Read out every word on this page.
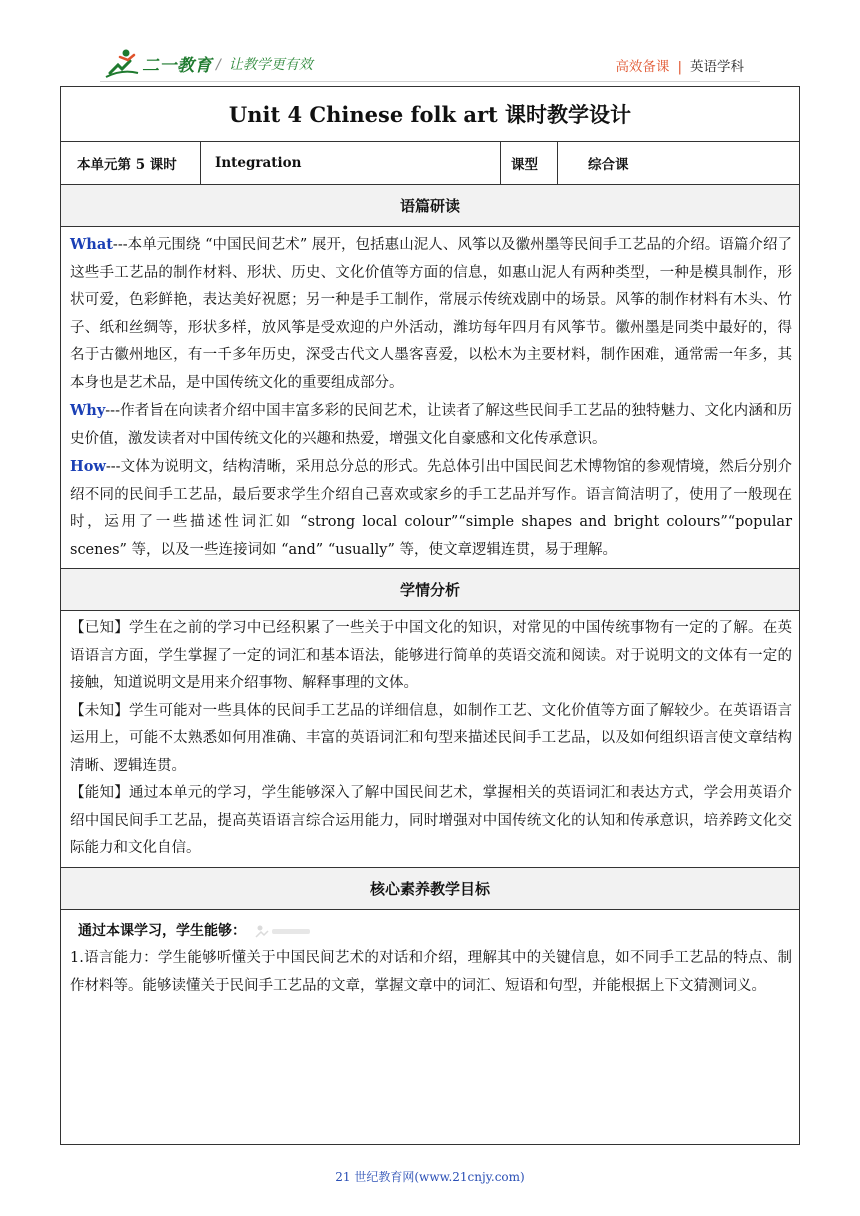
二一教育 / 让教学更有效	高效备课 | 英语学科
Unit 4 Chinese folk art 课时教学设计
本单元第 5 课时	Integration	课型	综合课
语篇研读

What---本单元围绕 “中国民间艺术” 展开，包括惠山泥人、风筝以及徽州墨等民间手工艺品的介绍。语篇介绍了这些手工艺品的制作材料、形状、历史、文化价值等方面的信息，如惠山泥人有两种类型，一种是模具制作，形状可爱，色彩鲜艳，表达美好祝愿；另一种是手工制作，常展示传统戏剧中的场景。风筝的制作材料有木头、竹子、纸和丝绸等，形状多样，放风筝是受欢迎的户外活动，潍坊每年四月有风筝节。徽州墨是同类中最好的，得名于古徽州地区，有一千多年历史，深受古代文人墨客喜爱，以松木为主要材料，制作困难，通常需一年多，其本身也是艺术品，是中国传统文化的重要组成部分。

Why---作者旨在向读者介绍中国丰富多彩的民间艺术，让读者了解这些民间手工艺品的独特魅力、文化内涵和历史价值，激发读者对中国传统文化的兴趣和热爱，增强文化自豪感和文化传承意识。

How---文体为说明文，结构清晰，采用总分总的形式。先总体引出中国民间艺术博物馆的参观情境，然后分别介绍不同的民间手工艺品，最后要求学生介绍自己喜欢或家乡的手工艺品并写作。语言简洁明了，使用了一般现在时，运用了一些描述性词汇如 “strong local colour”“simple shapes and bright colours”“popular scenes” 等，以及一些连接词如 “and” “usually” 等，使文章逻辑连贯，易于理解。

学情分析

【已知】学生在之前的学习中已经积累了一些关于中国文化的知识，对常见的中国传统事物有一定的了解。在英语语言方面，学生掌握了一定的词汇和基本语法，能够进行简单的英语交流和阅读。对于说明文的文体有一定的接触，知道说明文是用来介绍事物、解释事理的文体。

【未知】学生可能对一些具体的民间手工艺品的详细信息，如制作工艺、文化价值等方面了解较少。在英语语言运用上，可能不太熟悉如何用准确、丰富的英语词汇和句型来描述民间手工艺品，以及如何组织语言使文章结构清晰、逻辑连贯。

【能知】通过本单元的学习，学生能够深入了解中国民间艺术，掌握相关的英语词汇和表达方式，学会用英语介绍中国民间手工艺品，提高英语语言综合运用能力，同时增强对中国传统文化的认知和传承意识，培养跨文化交际能力和文化自信。

核心素养教学目标

通过本课学习，学生能够：

1.语言能力：学生能够听懂关于中国民间艺术的对话和介绍，理解其中的关键信息，如不同手工艺品的特点、制作材料等。能够读懂关于民间手工艺品的文章，掌握文章中的词汇、短语和句型，并能根据上下文猜测词义。

21 世纪教育网(www.21cnjy.com)
